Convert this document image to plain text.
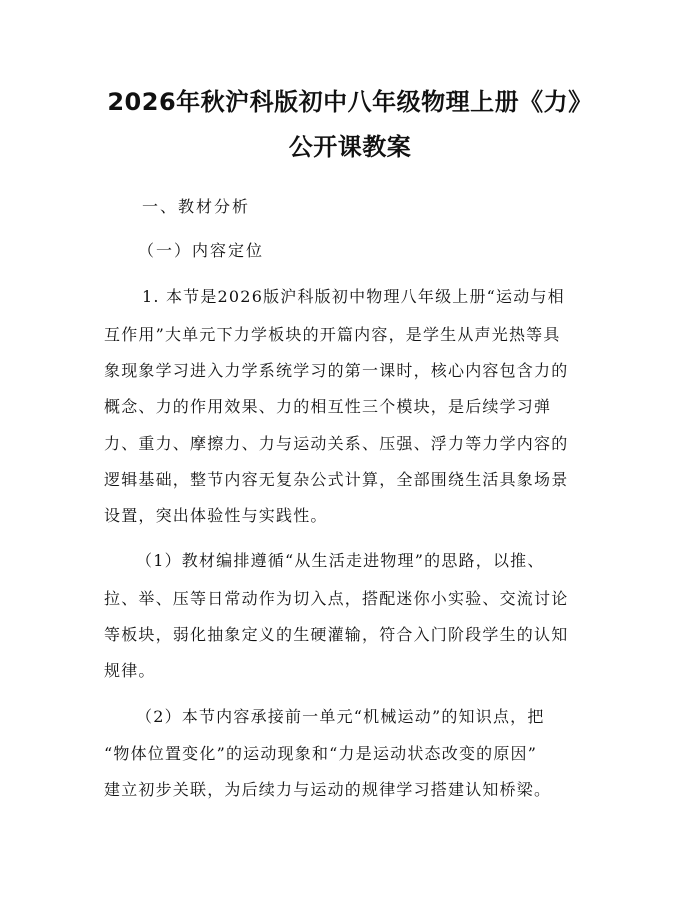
2026年秋沪科版初中八年级物理上册《力》
公开课教案

一、教材分析

（一）内容定位

1. 本节是2026版沪科版初中物理八年级上册“运动与相

互作用”大单元下力学板块的开篇内容，是学生从声光热等具

象现象学习进入力学系统学习的第一课时，核心内容包含力的

概念、力的作用效果、力的相互性三个模块，是后续学习弹

力、重力、摩擦力、力与运动关系、压强、浮力等力学内容的

逻辑基础，整节内容无复杂公式计算，全部围绕生活具象场景

设置，突出体验性与实践性。

（1）教材编排遵循“从生活走进物理”的思路，以推、

拉、举、压等日常动作为切入点，搭配迷你小实验、交流讨论

等板块，弱化抽象定义的生硬灌输，符合入门阶段学生的认知

规律。

（2）本节内容承接前一单元“机械运动”的知识点，把

“物体位置变化”的运动现象和“力是运动状态改变的原因”

建立初步关联，为后续力与运动的规律学习搭建认知桥梁。
